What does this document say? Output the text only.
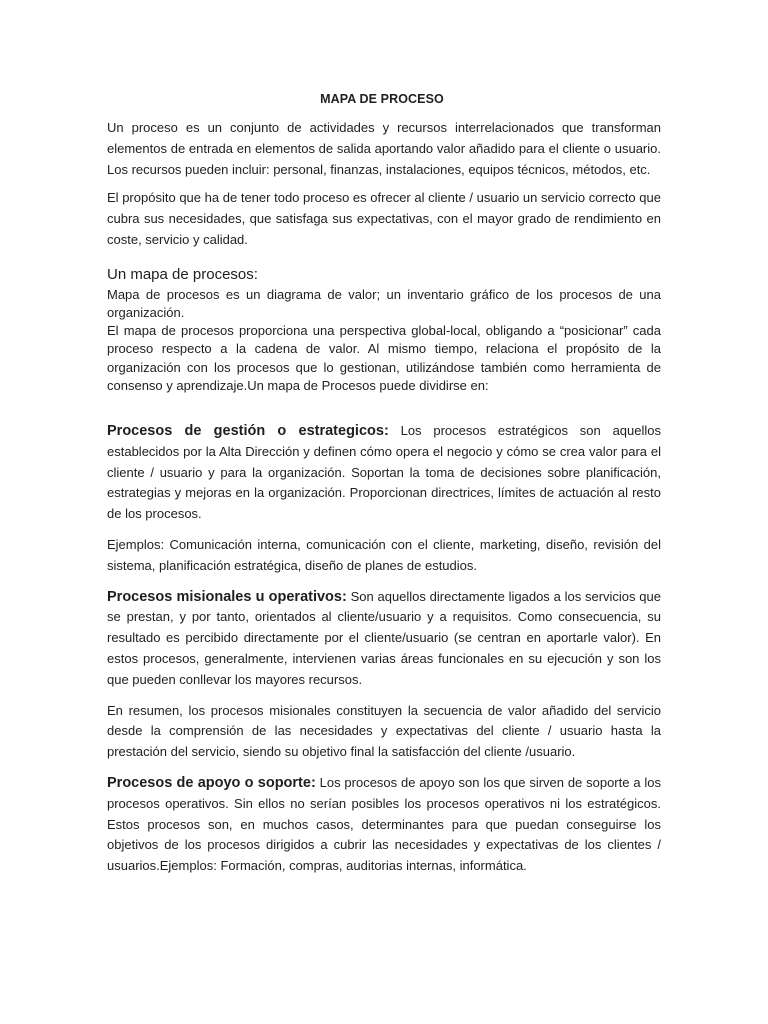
MAPA DE PROCESO

Un proceso es un conjunto de actividades y recursos interrelacionados que transforman elementos de entrada en elementos de salida aportando valor añadido para el cliente o usuario. Los recursos pueden incluir: personal, finanzas, instalaciones, equipos técnicos, métodos, etc.

El propósito que ha de tener todo proceso es ofrecer al cliente / usuario un servicio correcto que cubra sus necesidades, que satisfaga sus expectativas, con el mayor grado de rendimiento en coste, servicio y calidad.

Un mapa de procesos:

Mapa de procesos es un diagrama de valor; un inventario gráfico de los procesos de una organización.

El mapa de procesos proporciona una perspectiva global-local, obligando a “posicionar” cada proceso respecto a la cadena de valor. Al mismo tiempo, relaciona el propósito de la organización con los procesos que lo gestionan, utilizándose también como herramienta de consenso y aprendizaje.Un mapa de Procesos puede dividirse en:

Procesos de gestión o estrategicos: Los procesos estratégicos son aquellos establecidos por la Alta Dirección y definen cómo opera el negocio y cómo se crea valor para el cliente / usuario y para la organización. Soportan la toma de decisiones sobre planificación, estrategias y mejoras en la organización. Proporcionan directrices, límites de actuación al resto de los procesos.

Ejemplos: Comunicación interna, comunicación con el cliente, marketing, diseño, revisión del sistema, planificación estratégica, diseño de planes de estudios.

Procesos misionales u operativos: Son aquellos directamente ligados a los servicios que se prestan, y por tanto, orientados al cliente/usuario y a requisitos. Como consecuencia, su resultado es percibido directamente por el cliente/usuario (se centran en aportarle valor). En estos procesos, generalmente, intervienen varias áreas funcionales en su ejecución y son los que pueden conllevar los mayores recursos.

En resumen, los procesos misionales constituyen la secuencia de valor añadido del servicio desde la comprensión de las necesidades y expectativas del cliente / usuario hasta la prestación del servicio, siendo su objetivo final la satisfacción del cliente /usuario.

Procesos de apoyo o soporte: Los procesos de apoyo son los que sirven de soporte a los procesos operativos. Sin ellos no serían posibles los procesos operativos ni los estratégicos. Estos procesos son, en muchos casos, determinantes para que puedan conseguirse los objetivos de los procesos dirigidos a cubrir las necesidades y expectativas de los clientes / usuarios.Ejemplos: Formación, compras, auditorias internas, informática.
